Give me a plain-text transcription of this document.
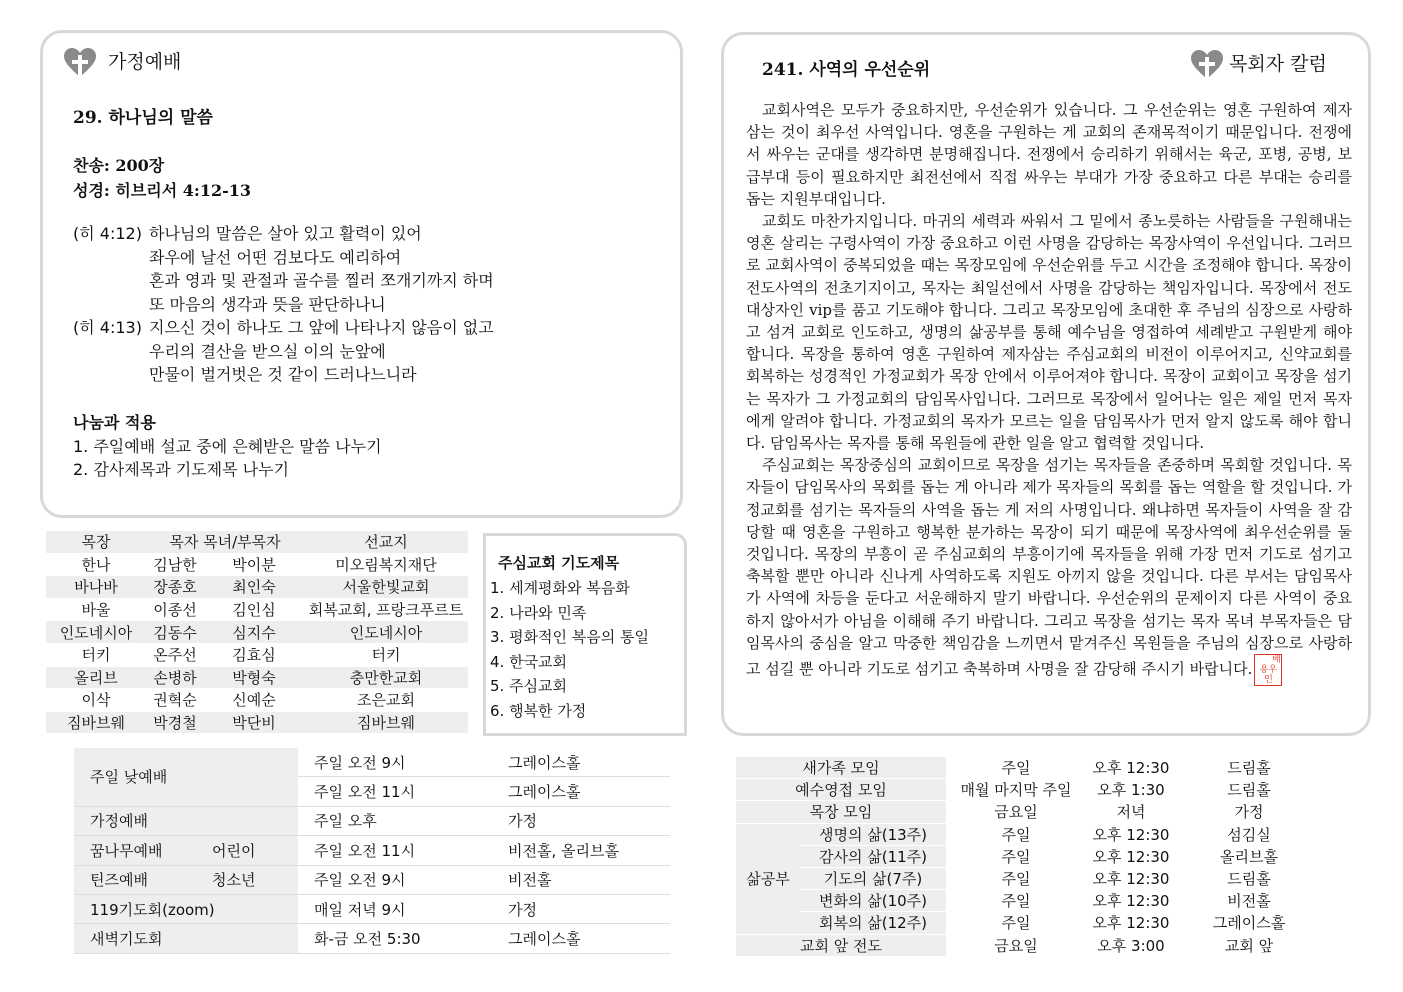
가정예배
29. 하나님의 말씀
찬송: 200장
성경: 히브리서 4:12-13
(히 4:12) 하나님의 말씀은 살아 있고 활력이 있어
좌우에 날선 어떤 검보다도 예리하여
혼과 영과 및 관절과 골수를 찔러 쪼개기까지 하며
또 마음의 생각과 뜻을 판단하나니
(히 4:13) 지으신 것이 하나도 그 앞에 나타나지 않음이 없고
우리의 결산을 받으실 이의 눈앞에
만물이 벌거벗은 것 같이 드러나느니라
나눔과 적용
1. 주일예배 설교 중에 은혜받은 말씀 나누기
2. 감사제목과 기도제목 나누기
241. 사역의 우선순위	목회자 칼럼

교회사역은 모두가 중요하지만, 우선순위가 있습니다. 그 우선순위는 영혼 구원하여 제자 삼는 것이 최우선 사역입니다. 영혼을 구원하는 게 교회의 존재목적이기 때문입니다. 전쟁에서 싸우는 군대를 생각하면 분명해집니다. 전쟁에서 승리하기 위해서는 육군, 포병, 공병, 보급부대 등이 필요하지만 최전선에서 직접 싸우는 부대가 가장 중요하고 다른 부대는 승리를 돕는 지원부대입니다.

교회도 마찬가지입니다. 마귀의 세력과 싸워서 그 밑에서 종노릇하는 사람들을 구원해내는 영혼 살리는 구령사역이 가장 중요하고 이런 사명을 감당하는 목장사역이 우선입니다. 그러므로 교회사역이 중복되었을 때는 목장모임에 우선순위를 두고 시간을 조정해야 합니다. 목장이 전도사역의 전초기지이고, 목자는 최일선에서 사명을 감당하는 책임자입니다. 목장에서 전도대상자인 vip를 품고 기도해야 합니다. 그리고 목장모임에 초대한 후 주님의 심장으로 사랑하고 섬겨 교회로 인도하고, 생명의 삶공부를 통해 예수님을 영접하여 세례받고 구원받게 해야 합니다. 목장을 통하여 영혼 구원하여 제자삼는 주심교회의 비전이 이루어지고, 신약교회를 회복하는 성경적인 가정교회가 목장 안에서 이루어져야 합니다. 목장이 교회이고 목장을 섬기는 목자가 그 가정교회의 담임목사입니다. 그러므로 목장에서 일어나는 일은 제일 먼저 목자에게 알려야 합니다. 가정교회의 목자가 모르는 일을 담임목사가 먼저 알지 않도록 해야 합니다. 담임목사는 목자를 통해 목원들에 관한 일을 알고 협력할 것입니다.

주심교회는 목장중심의 교회이므로 목장을 섬기는 목자들을 존중하며 목회할 것입니다. 목자들이 담임목사의 목회를 돕는 게 아니라 제가 목자들의 목회를 돕는 역할을 할 것입니다. 가정교회를 섬기는 목자들의 사역을 돕는 게 저의 사명입니다. 왜냐하면 목자들이 사역을 잘 감당할 때 영혼을 구원하고 행복한 분가하는 목장이 되기 때문에 목장사역에 최우선순위를 둘 것입니다. 목장의 부흥이 곧 주심교회의 부흥이기에 목자들을 위해 가장 먼저 기도로 섬기고 축복할 뿐만 아니라 신나게 사역하도록 지원도 아끼지 않을 것입니다. 다른 부서는 담임목사가 사역에 차등을 둔다고 서운해하지 말기 바랍니다. 우선순위의 문제이지 다른 사역이 중요하지 않아서가 아님을 이해해 주기 바랍니다. 그리고 목장을 섬기는 목자 목녀 부목자들은 담임목사의 중심을 알고 막중한 책임감을 느끼면서 맡겨주신 목원들을 주님의 심장으로 사랑하고 섬길 뿐 아니라 기도로 섬기고 축복하며 사명을 잘 감당해 주시기 바랍니다. 배용우인

목장	목자 목녀/부목자		선교지
한나	김남한	박이분	미오림복지재단
바나바	장종호	최인숙	서울한빛교회
바울	이종선	김인심	회복교회, 프랑크푸르트
인도네시아	김동수	심지수	인도네시아
터키	온주선	김효심	터키
올리브	손병하	박형숙	충만한교회
이삭	권혁순	신예순	조은교회
짐바브웨	박경철	박단비	짐바브웨
주심교회 기도제목
1. 세계평화와 복음화
2. 나라와 민족
3. 평화적인 복음의 통일
4. 한국교회
5. 주심교회
6. 행복한 가정
주일 낮예배		주일 오전 9시	그레이스홀
		주일 오전 11시	그레이스홀
가정예배		주일 오후	가정
꿈나무예배	어린이	주일 오전 11시	비전홀, 올리브홀
틴즈예배	청소년	주일 오전 9시	비전홀
119기도회(zoom)		매일 저녁 9시	가정
새벽기도회		화-금 오전 5:30	그레이스홀
새가족 모임		주일	오후 12:30	드림홀
예수영접 모임		매월 마지막 주일	오후 1:30	드림홀
목장 모임		금요일	저녁	가정
삶공부	생명의 삶(13주)	주일	오후 12:30	섬김실
	감사의 삶(11주)	주일	오후 12:30	올리브홀
	기도의 삶(7주)	주일	오후 12:30	드림홀
	변화의 삶(10주)	주일	오후 12:30	비전홀
	회복의 삶(12주)	주일	오후 12:30	그레이스홀
교회 앞 전도		금요일	오후 3:00	교회 앞
